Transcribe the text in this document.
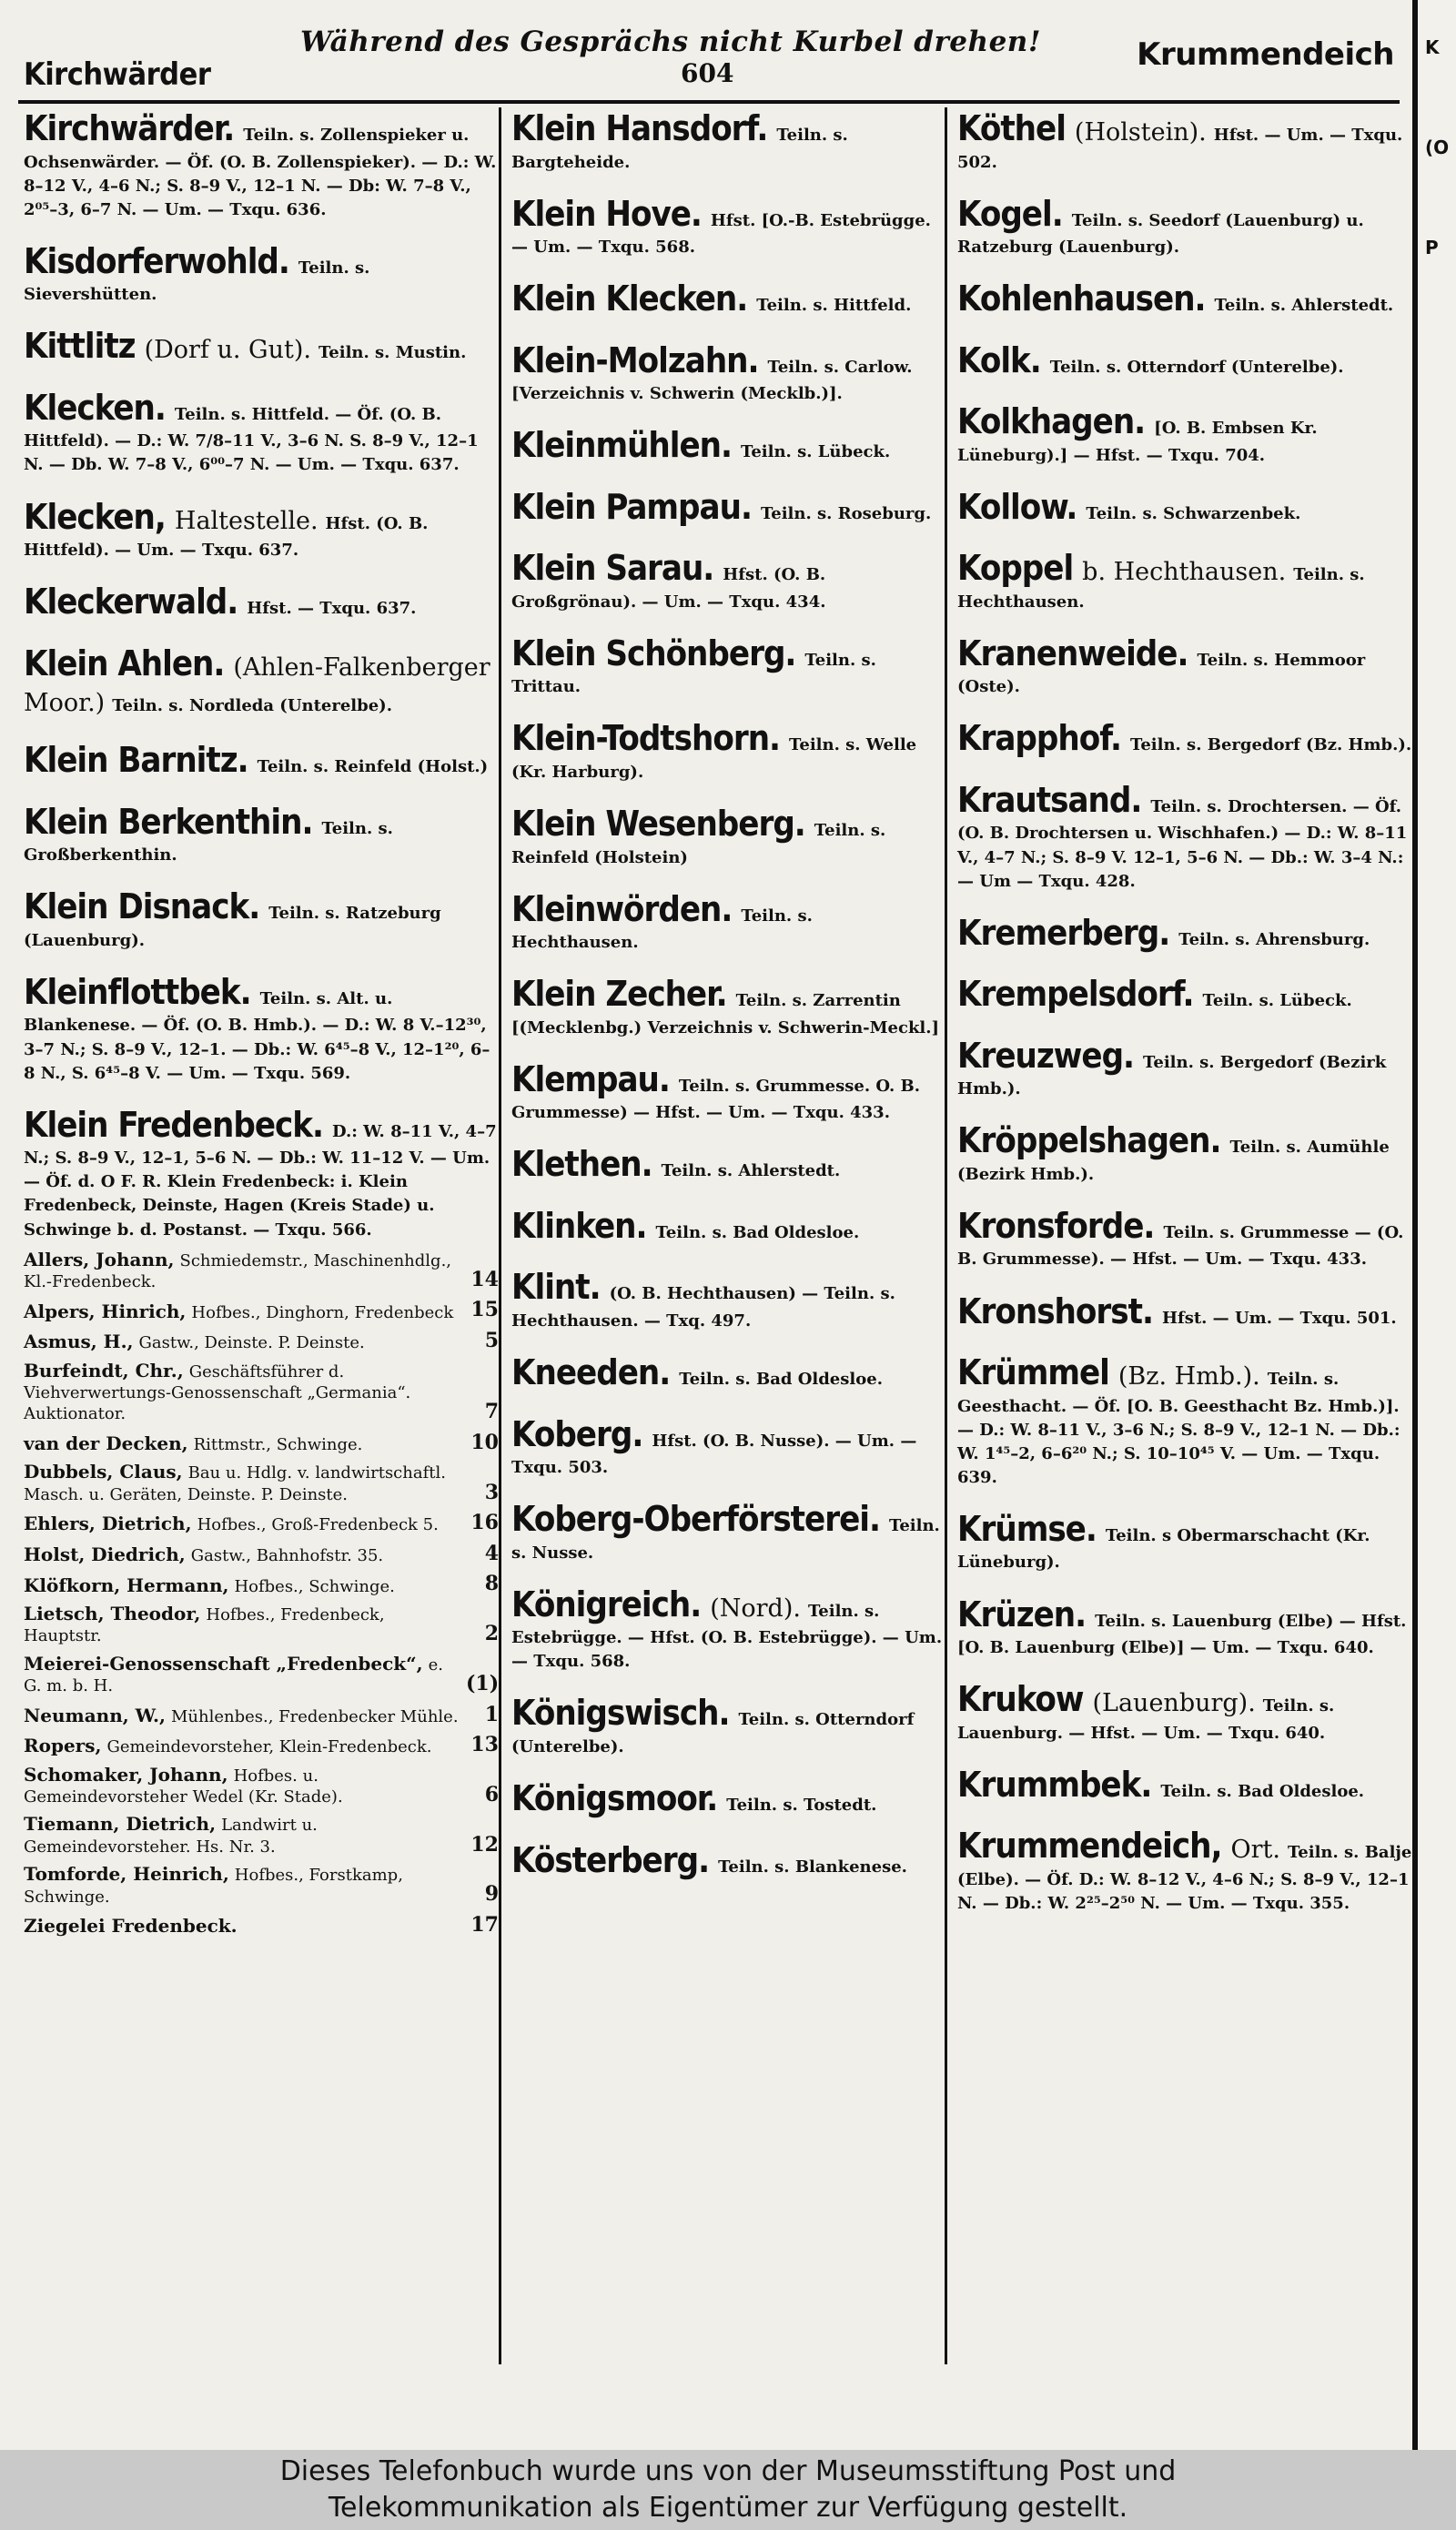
Kirchwärder
Während des Gesprächs nicht Kurbel drehen!
604
Krummendeich
Kirchwärder. Teiln. s. Zollenspieker u. Ochsenwärder. — Öf. (O. B. Zollenspieker). — D.: W. 8–12 V., 4–6 N.; S. 8–9 V., 12–1 N. — Db: W. 7–8 V., 2⁰⁵–3, 6–7 N. — Um. — Txqu. 636.
Kisdorferwohld. Teiln. s. Sievershütten.
Kittlitz (Dorf u. Gut). Teiln. s. Mustin.
Klecken. Teiln. s. Hittfeld. — Öf. (O. B. Hittfeld). — D.: W. 7/8–11 V., 3–6 N. S. 8–9 V., 12–1 N. — Db. W. 7–8 V., 6⁰⁰–7 N. — Um. — Txqu. 637.
Klecken, Haltestelle. Hfst. (O. B. Hittfeld). — Um. — Txqu. 637.
Kleckerwald. Hfst. — Txqu. 637.
Klein Ahlen. (Ahlen-Falkenberger Moor.) Teiln. s. Nordleda (Unterelbe).
Klein Barnitz. Teiln. s. Reinfeld (Holst.)
Klein Berkenthin. Teiln. s. Großberkenthin.
Klein Disnack. Teiln. s. Ratzeburg (Lauenburg).
Kleinflottbek. Teiln. s. Alt. u. Blankenese. — Öf. (O. B. Hmb.). — D.: W. 8 V.–12³⁰, 3–7 N.; S. 8–9 V., 12–1. — Db.: W. 6⁴⁵–8 V., 12–1²⁰, 6–8 N., S. 6⁴⁵–8 V. — Um. — Txqu. 569.
Klein Fredenbeck. D.: W. 8–11 V., 4–7 N.; S. 8–9 V., 12–1, 5–6 N. — Db.: W. 11–12 V. — Um. — Öf. d. O F. R. Klein Fredenbeck: i. Klein Fredenbeck, Deinste, Hagen (Kreis Stade) u. Schwinge b. d. Postanst. — Txqu. 566.
Allers, Johann, Schmiedemstr., Maschinenhdlg., Kl.-Fredenbeck.	14
Alpers, Hinrich, Hofbes., Dinghorn, Fredenbeck 15
Asmus, H., Gastw., Deinste. P. Deinste.	5
Burfeindt, Chr., Geschäftsführer d. Viehverwertungs-Genossenschaft „Germania“. Auktionator.	7
van der Decken, Rittmstr., Schwinge.	10
Dubbels, Claus, Bau u. Hdlg. v. landwirtschaftl. Masch. u. Geräten, Deinste. P. Deinste.	3
Ehlers, Dietrich, Hofbes., Groß-Fredenbeck 5.	16
Holst, Diedrich, Gastw., Bahnhofstr. 35.	4
Klöfkorn, Hermann, Hofbes., Schwinge.	8
Lietsch, Theodor, Hofbes., Fredenbeck, Hauptstr.	2
Meierei-Genossenschaft „Fredenbeck“, e. G. m. b. H.	(1)
Neumann, W., Mühlenbes., Fredenbecker Mühle.	1
Ropers, Gemeindevorsteher, Klein-Fredenbeck.	13
Schomaker, Johann, Hofbes. u. Gemeindevorsteher Wedel (Kr. Stade).	6
Tiemann, Dietrich, Landwirt u. Gemeindevorsteher. Hs. Nr. 3.	12
Tomforde, Heinrich, Hofbes., Forstkamp, Schwinge.	9
Ziegelei Fredenbeck.	17
Klein Hansdorf. Teiln. s. Bargteheide.
Klein Hove. Hfst. [O.-B. Estebrügge. — Um. — Txqu. 568.
Klein Klecken. Teiln. s. Hittfeld.
Klein-Molzahn. Teiln. s. Carlow. [Verzeichnis v. Schwerin (Mecklb.)].
Kleinmühlen. Teiln. s. Lübeck.
Klein Pampau. Teiln. s. Roseburg.
Klein Sarau. Hfst. (O. B. Großgrönau). — Um. — Txqu. 434.
Klein Schönberg. Teiln. s. Trittau.
Klein-Todtshorn. Teiln. s. Welle (Kr. Harburg).
Klein Wesenberg. Teiln. s. Reinfeld (Holstein)
Kleinwörden. Teiln. s. Hechthausen.
Klein Zecher. Teiln. s. Zarrentin [(Mecklenbg.) Verzeichnis v. Schwerin-Meckl.]
Klempau. Teiln. s. Grummesse. O. B. Grummesse) — Hfst. — Um. — Txqu. 433.
Klethen. Teiln. s. Ahlerstedt.
Klinken. Teiln. s. Bad Oldesloe.
Klint. (O. B. Hechthausen) — Teiln. s. Hechthausen. — Txq. 497.
Kneeden. Teiln. s. Bad Oldesloe.
Koberg. Hfst. (O. B. Nusse). — Um. — Txqu. 503.
Koberg-Oberförsterei. Teiln. s. Nusse.
Königreich. (Nord). Teiln. s. Estebrügge. — Hfst. (O. B. Estebrügge). — Um. — Txqu. 568.
Königswisch. Teiln. s. Otterndorf (Unterelbe).
Königsmoor. Teiln. s. Tostedt.
Kösterberg. Teiln. s. Blankenese.
Köthel (Holstein). Hfst. — Um. — Txqu. 502.
Kogel. Teiln. s. Seedorf (Lauenburg) u. Ratzeburg (Lauenburg).
Kohlenhausen. Teiln. s. Ahlerstedt.
Kolk. Teiln. s. Otterndorf (Unterelbe).
Kolkhagen. [O. B. Embsen Kr. Lüneburg).] — Hfst. — Txqu. 704.
Kollow. Teiln. s. Schwarzenbek.
Koppel b. Hechthausen. Teiln. s. Hechthausen.
Kranenweide. Teiln. s. Hemmoor (Oste).
Krapphof. Teiln. s. Bergedorf (Bz. Hmb.).
Krautsand. Teiln. s. Drochtersen. — Öf. (O. B. Drochtersen u. Wischhafen.) — D.: W. 8–11 V., 4–7 N.; S. 8–9 V. 12–1, 5–6 N. — Db.: W. 3–4 N.: — Um — Txqu. 428.
Kremerberg. Teiln. s. Ahrensburg.
Krempelsdorf. Teiln. s. Lübeck.
Kreuzweg. Teiln. s. Bergedorf (Bezirk Hmb.).
Kröppelshagen. Teiln. s. Aumühle (Bezirk Hmb.).
Kronsforde. Teiln. s. Grummesse — (O. B. Grummesse). — Hfst. — Um. — Txqu. 433.
Kronshorst. Hfst. — Um. — Txqu. 501.
Krümmel (Bz. Hmb.). Teiln. s. Geesthacht. — Öf. [O. B. Geesthacht Bz. Hmb.)]. — D.: W. 8–11 V., 3–6 N.; S. 8–9 V., 12–1 N. — Db.: W. 1⁴⁵–2, 6–6²⁰ N.; S. 10–10⁴⁵ V. — Um. — Txqu. 639.
Krümse. Teiln. s Obermarschacht (Kr. Lüneburg).
Krüzen. Teiln. s. Lauenburg (Elbe) — Hfst. [O. B. Lauenburg (Elbe)] — Um. — Txqu. 640.
Krukow (Lauenburg). Teiln. s. Lauenburg. — Hfst. — Um. — Txqu. 640.
Krummbek. Teiln. s. Bad Oldesloe.
Krummendeich, Ort. Teiln. s. Balje (Elbe). — Öf. D.: W. 8–12 V., 4–6 N.; S. 8–9 V., 12–1 N. — Db.: W. 2²⁵–2⁵⁰ N. — Um. — Txqu. 355.
K
(O
P
Dieses Telefonbuch wurde uns von der Museumsstiftung Post und
Telekommunikation als Eigentümer zur Verfügung gestellt.
